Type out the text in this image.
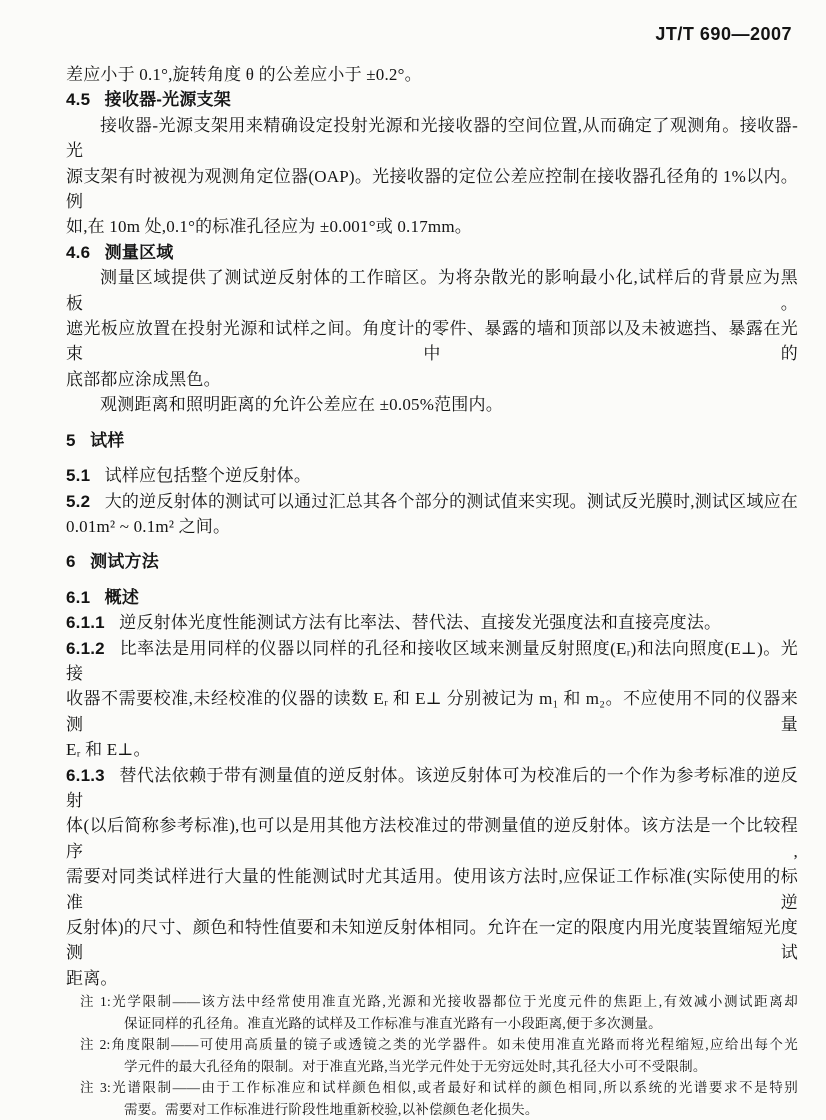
JT/T 690—2007
差应小于 0.1°,旋转角度 θ 的公差应小于 ±0.2°。
4.5 接收器-光源支架
接收器-光源支架用来精确设定投射光源和光接收器的空间位置,从而确定了观测角。接收器-光
源支架有时被视为观测角定位器(OAP)。光接收器的定位公差应控制在接收器孔径角的 1%以内。例
如,在 10m 处,0.1°的标准孔径应为 ±0.001°或 0.17mm。
4.6 测量区域
测量区域提供了测试逆反射体的工作暗区。为将杂散光的影响最小化,试样后的背景应为黑板。
遮光板应放置在投射光源和试样之间。角度计的零件、暴露的墙和顶部以及未被遮挡、暴露在光束中的
底部都应涂成黑色。
观测距离和照明距离的允许公差应在 ±0.05%范围内。
5 试样
5.1 试样应包括整个逆反射体。
5.2 大的逆反射体的测试可以通过汇总其各个部分的测试值来实现。测试反光膜时,测试区域应在
0.01m² ~ 0.1m² 之间。
6 测试方法
6.1 概述
6.1.1 逆反射体光度性能测试方法有比率法、替代法、直接发光强度法和直接亮度法。
6.1.2 比率法是用同样的仪器以同样的孔径和接收区域来测量反射照度(Eᵣ)和法向照度(E⊥)。光接
收器不需要校准,未经校准的仪器的读数 Eᵣ 和 E⊥ 分别被记为 m₁ 和 m₂。不应使用不同的仪器来测量
Eᵣ 和 E⊥。
6.1.3 替代法依赖于带有测量值的逆反射体。该逆反射体可为校准后的一个作为参考标准的逆反射
体(以后简称参考标准),也可以是用其他方法校准过的带测量值的逆反射体。该方法是一个比较程序,
需要对同类试样进行大量的性能测试时尤其适用。使用该方法时,应保证工作标准(实际使用的标准逆
反射体)的尺寸、颜色和特性值要和未知逆反射体相同。允许在一定的限度内用光度装置缩短光度测试
距离。
注 1:光学限制——该方法中经常使用准直光路,光源和光接收器都位于光度元件的焦距上,有效减小测试距离却
保证同样的孔径角。准直光路的试样及工作标准与准直光路有一小段距离,便于多次测量。
注 2:角度限制——可使用高质量的镜子或透镜之类的光学器件。如未使用准直光路而将光程缩短,应给出每个光
学元件的最大孔径角的限制。对于准直光路,当光学元件处于无穷远处时,其孔径大小可不受限制。
注 3:光谱限制——由于工作标准应和试样颜色相似,或者最好和试样的颜色相同,所以系统的光谱要求不是特别
需要。需要对工作标准进行阶段性地重新校验,以补偿颜色老化损失。
